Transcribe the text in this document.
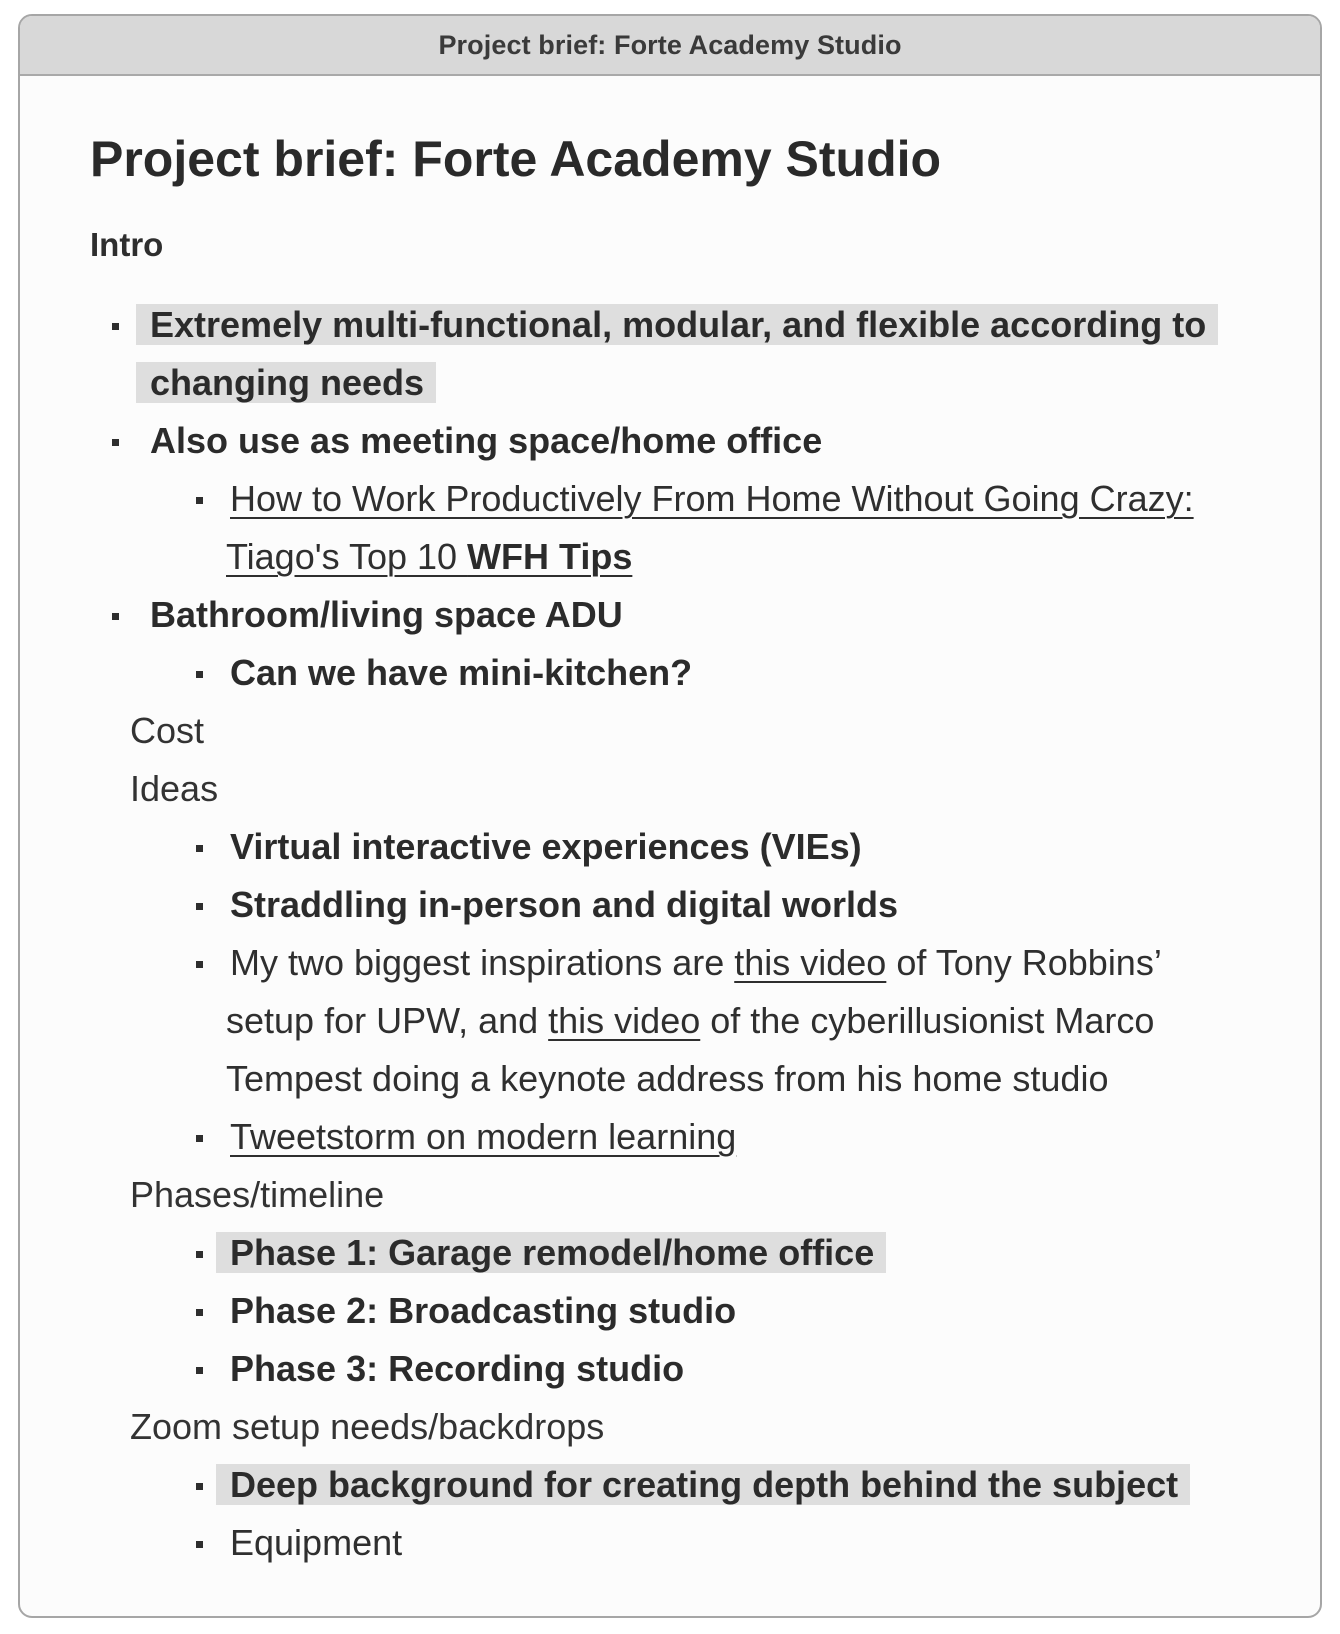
Project brief: Forte Academy Studio
Project brief: Forte Academy Studio
Intro
Extremely multi-functional, modular, and flexible according to
changing needs
Also use as meeting space/home office
How to Work Productively From Home Without Going Crazy:
Tiago's Top 10 WFH Tips
Bathroom/living space ADU
Can we have mini-kitchen?
Cost
Ideas
Virtual interactive experiences (VIEs)
Straddling in-person and digital worlds
My two biggest inspirations are this video of Tony Robbins’
setup for UPW, and this video of the cyberillusionist Marco
Tempest doing a keynote address from his home studio
Tweetstorm on modern learning
Phases/timeline
Phase 1: Garage remodel/home office
Phase 2: Broadcasting studio
Phase 3: Recording studio
Zoom setup needs/backdrops
Deep background for creating depth behind the subject
Equipment
